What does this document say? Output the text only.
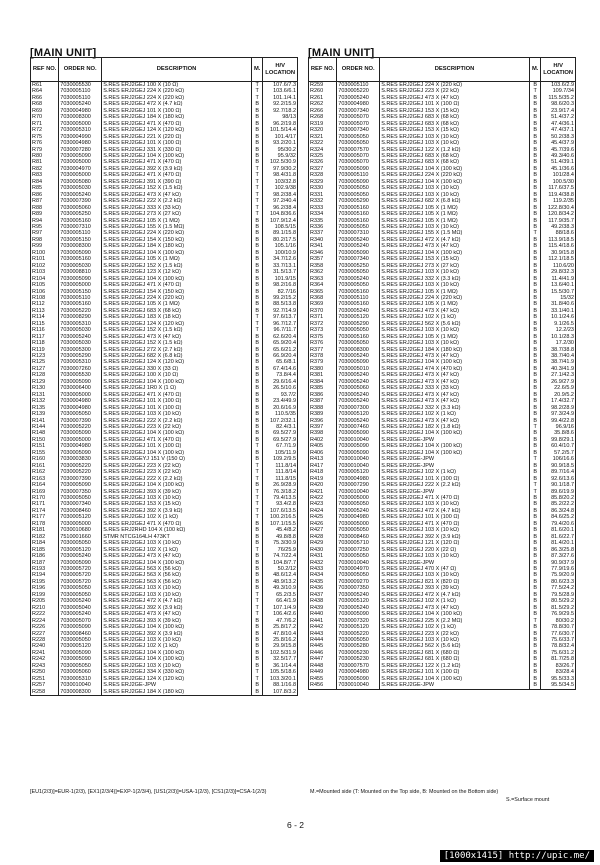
[MAIN UNIT]	[MAIN UNIT]
REF NO.	ORDER NO.	DESCRIPTION	M.	H/V LOCATION
R61	7030005530	S.RES ERJ2GEJ 100 X (10 Ω)	T	107.6/7.3
R64	7030005110	S.RES ERJ2GEJ 224 X (220 kΩ)	T	103.6/6.1
R66	7030005110	S.RES ERJ2GEJ 224 X (220 kΩ)	T	101.1/4.1
R68	7030005240	S.RES ERJ2GEJ 472 X (4.7 kΩ)	B	92.2/15.9
R69	7030004980	S.RES ERJ2GEJ 101 X (100 Ω)	B	92.7/18.2
R70	7030008300	S.RES ERJ2GEJ 184 X (180 kΩ)	B	98/13
R71	7030005000	S.RES ERJ2GEJ 471 X (470 Ω)	B	96.2/19.8
R72	7030005310	S.RES ERJ2GEJ 124 X (120 kΩ)	B	101.5/14.4
R75	7030004990	S.RES ERJ2GEJ 221 X (220 Ω)	B	101.4/17
R76	7030004980	S.RES ERJ2GEJ 101 X (100 Ω)	B	93.2/20.1
R79	7030007280	S.RES ERJ2GEJ 331 X (330 Ω)	B	95/30.2
R80	7030005090	S.RES ERJ2GEJ 104 X (100 kΩ)	B	95.9/32
R81	7030005000	S.RES ERJ2GEJ 471 X (470 Ω)	B	102.5/30.9
R82	7030004970	S.RES ERJ2GEJ 392 X (3.9 kΩ)	T	97.9/30.2
R83	7030005000	S.RES ERJ2GEJ 471 X (470 Ω)	T	98.4/31.8
R84	7030005080	S.RES ERJ2GEJ 391 X (390 Ω)	T	103/32.8
R85	7030005030	S.RES ERJ2GEJ 152 X (1.5 kΩ)	T	102.9/38
R86	7030005240	S.RES ERJ2GEJ 473 X (47 kΩ)	T	98.2/38.4
R87	7030007390	S.RES ERJ2GEJ 222 X (2.2 kΩ)	T	97.2/40.4
R88	7030005060	S.RES ERJ2GEJ 333 X (33 kΩ)	T	96.2/38.4
R89	7030005250	S.RES ERJ2GEJ 273 X (27 kΩ)	T	104.8/36.6
R94	7030005160	S.RES ERJ2GEJ 105 X (1 MΩ)	B	107.9/12.4
R95	7030007310	S.RES ERJ2GEJ 155 X (1.5 MΩ)	B	108.5/15
R97	7030005110	S.RES ERJ2GEJ 224 X (220 kΩ)	B	89.1/15.8
R98	7030005150	S.RES ERJ2GEJ 154 X (150 kΩ)	B	80.2/17.5
R99	7030008300	S.RES ERJ2GEJ 184 X (180 kΩ)	B	105.1/16
R100	7030005090	S.RES ERJ2GEJ 104 X (100 kΩ)	B	100/10.9
R101	7030005160	S.RES ERJ2GEJ 105 X (1 MΩ)	B	34.7/12.6
R102	7030005030	S.RES ERJ2GEJ 152 X (1.5 kΩ)	B	33.7/13.1
R103	7030008810	S.RES ERJ2GEJ 123 X (12 kΩ)	B	31.5/13.7
R104	7030005090	S.RES ERJ2GEJ 104 X (100 kΩ)	B	101.9/15
R105	7030005000	S.RES ERJ2GEJ 471 X (470 Ω)	B	98.2/16.8
R106	7030005150	S.RES ERJ2GEJ 154 X (150 kΩ)	B	82.7/16
R108	7030005110	S.RES ERJ2GEJ 224 X (220 kΩ)	B	99.2/15.2
R112	7030005160	S.RES ERJ2GEJ 105 X (1 MΩ)	B	88.5/13.8
R113	7030005220	S.RES ERJ2GEJ 683 X (68 kΩ)	B	92.7/14.9
R114	7030008290	S.RES ERJ2GEJ 183 X (18 kΩ)	T	97.6/13.7
R115	7030005310	S.RES ERJ2GEJ 124 X (120 kΩ)	T	96.7/12.7
R116	7030005030	S.RES ERJ2GEJ 152 X (1.5 kΩ)	T	96.7/11.7
R117	7030005240	S.RES ERJ2GEJ 473 X (47 kΩ)	B	62.6/20.4
R118	7030005030	S.RES ERJ2GEJ 152 X (1.5 kΩ)	B	65.9/20.4
R119	7030005300	S.RES ERJ2GEJ 272 X (2.7 kΩ)	B	65.6/21.2
R123	7030005290	S.RES ERJ2GEJ 682 X (6.8 kΩ)	B	66.9/20.4
R125	7030005310	S.RES ERJ2GEJ 124 X (120 kΩ)	B	65.6/8.1
R127	7030007260	S.RES ERJ2GEJ 330 X (33 Ω)	B	67.4/14.6
R128	7030005530	S.RES ERJ2GEJ 100 X (10 Ω)	B	73.8/4.4
R129	7030005090	S.RES ERJ2GEJ 104 X (100 kΩ)	B	29.6/16.4
R130	7030006400	S.RES ERJ2GEJ 1R0 X (1 Ω)	B	26.5/10.6
R131	7030005000	S.RES ERJ2GEJ 471 X (470 Ω)	B	93.7/2
R132	7030004980	S.RES ERJ2GEJ 101 X (100 Ω)	B	23.4/49.9
R135	7030004980	S.RES ERJ2GEJ 101 X (100 Ω)	B	20.6/16.9
R139	7030005050	S.RES ERJ2GEJ 103 X (10 kΩ)	B	110.5/35
R141	7030007390	S.RES ERJ2GEJ 222 X (2.2 kΩ)	B	107.2/32.1
R144	7030005220	S.RES ERJ2GEJ 223 X (22 kΩ)	B	82.4/3.1
R148	7030005090	S.RES ERJ2GEJ 104 X (100 kΩ)	B	69.5/27.9
R150	7030005000	S.RES ERJ2GEJ 471 X (470 Ω)	B	69.5/27.9
R151	7030004980	S.RES ERJ2GEJ 101 X (100 Ω)	T	67.7/1.9
R155	7030005090	S.RES ERJ2GEJ 104 X (100 kΩ)	B	105/11.9
R160	7030003830	S.RES ERJ3GEYJ 151 V (150 Ω)	B	109.2/9.5
R161	7030005220	S.RES ERJ2GEJ 223 X (22 kΩ)	T	111.8/14
R162	7030005220	S.RES ERJ2GEJ 223 X (22 kΩ)	T	111.8/14
R163	7030007390	S.RES ERJ2GEJ 222 X (2.2 kΩ)	T	111.8/15
R164	7030005090	S.RES ERJ2GEJ 104 X (100 kΩ)	B	26.9/28.9
R169	7030007350	S.RES ERJ2GEJ 393 X (39 kΩ)	T	76.3/18.2
R170	7030005050	S.RES ERJ2GEJ 103 X (10 kΩ)	T	79.4/13.5
R171	7030007340	S.RES ERJ2GEJ 153 X (15 kΩ)	T	93.4/2.8
R174	7030008460	S.RES ERJ2GEJ 392 X (3.9 kΩ)	T	107.6/13.5
R177	7030005120	S.RES ERJ2GEJ 102 X (1 kΩ)	T	100.2/16.5
R178	7030005000	S.RES ERJ2GEJ 471 X (470 Ω)	B	107.1/15.5
R181	7030010680	S.RES ERJ2RHD 104 X (100 kΩ)	B	45.4/8.2
R182	7510001660	STMR NTCG164LH 473KT	B	49.8/8.8
R184	7030005050	S.RES ERJ2GEJ 103 X (10 kΩ)	B	75.3/30.9
R185	7030005120	S.RES ERJ2GEJ 102 X (1 kΩ)	T	76/25.9
R186	7030005240	S.RES ERJ2GEJ 473 X (47 kΩ)	B	74.7/22.4
R187	7030005090	S.RES ERJ2GEJ 104 X (100 kΩ)	B	104.8/7.7
R193	7030005720	S.RES ERJ2GEJ 563 X (56 kΩ)	B	50.2/12
R194	7030005720	S.RES ERJ2GEJ 563 X (56 kΩ)	B	48.6/12.4
R195	7030005720	S.RES ERJ2GEJ 563 X (56 kΩ)	B	48.9/13.2
R196	7030005050	S.RES ERJ2GEJ 103 X (10 kΩ)	B	49.3/10.9
R199	7030005050	S.RES ERJ2GEJ 103 X (10 kΩ)	T	65.2/3.5
R205	7030005240	S.RES ERJ2GEJ 472 X (4.7 kΩ)	T	66.4/1.9
R210	7030005040	S.RES ERJ2GEJ 392 X (3.9 kΩ)	T	107.1/4.9
R222	7030005240	S.RES ERJ2GEJ 473 X (47 kΩ)	T	106.4/2.6
R224	7030005070	S.RES ERJ2GEJ 393 X (39 kΩ)	B	47.7/6.2
R226	7030005090	S.RES ERJ2GEJ 104 X (100 kΩ)	B	25.8/17.2
R227	7030008460	S.RES ERJ2GEJ 392 X (3.9 kΩ)	B	47.8/10.4
R228	7030005050	S.RES ERJ2GEJ 103 X (10 kΩ)	B	25.8/16.2
R240	7030005120	S.RES ERJ2GEJ 102 X (1 kΩ)	B	29.9/15.8
R241	7030005090	S.RES ERJ2GEJ 104 X (100 kΩ)	B	102.5/31.9
R242	7030005090	S.RES ERJ2GEJ 104 X (100 kΩ)	B	32.5/17.7
R243	7030005050	S.RES ERJ2GEJ 103 X (10 kΩ)	B	36.1/14.4
R250	7030005060	S.RES ERJ2GEJ 334 X (330 kΩ)	T	105.5/18.6
R251	7030005310	S.RES ERJ2GEJ 124 X (120 kΩ)	T	103.3/20.1
R257	7030010040	S.RES ERJ2GE-JPW	B	88.1/16.8
R258	7030008300	S.RES ERJ2GEJ 184 X (180 kΩ)	B	107.8/3.2
REF NO.	ORDER NO.	DESCRIPTION	M.	H/V LOCATION
R259	7030005110	S.RES ERJ2GEJ 224 X (220 kΩ)	B	103.6/2.9
R260	7030005220	S.RES ERJ2GEJ 223 X (22 kΩ)	T	109.7/34
R261	7030005240	S.RES ERJ2GEJ 473 X (47 kΩ)	B	115.5/35.2
R262	7030004980	S.RES ERJ2GEJ 101 X (100 Ω)	B	98.6/20.3
R266	7030007340	S.RES ERJ2GEJ 153 X (15 kΩ)	B	23.9/17.4
R268	7030005070	S.RES ERJ2GEJ 683 X (68 kΩ)	B	51.4/37.2
R319	7030005070	S.RES ERJ2GEJ 683 X (68 kΩ)	B	47.4/36.1
R320	7030007340	S.RES ERJ2GEJ 153 X (15 kΩ)	B	47.4/37.1
R321	7030005050	S.RES ERJ2GEJ 103 X (10 kΩ)	B	50.2/38.3
R322	7030005050	S.RES ERJ2GEJ 103 X (10 kΩ)	B	45.4/37.9
R324	7030007570	S.RES ERJ2GEJ 122 X (1.2 kΩ)	B	45.7/39.6
R325	7030005070	S.RES ERJ2GEJ 683 X (68 kΩ)	B	49.3/40.6
R326	7030005070	S.RES ERJ2GEJ 683 X (68 kΩ)	B	51.4/39.1
R327	7030005090	S.RES ERJ2GEJ 104 X (100 kΩ)	B	45.1/36.6
R328	7030005110	S.RES ERJ2GEJ 224 X (220 kΩ)	B	101/28.4
R329	7030005090	S.RES ERJ2GEJ 104 X (100 kΩ)	B	100.5/30
R330	7030005050	S.RES ERJ2GEJ 103 X (10 kΩ)	B	117.6/37.5
R331	7030005050	S.RES ERJ2GEJ 103 X (10 kΩ)	B	119.4/38.8
R332	7030005290	S.RES ERJ2GEJ 682 X (6.8 kΩ)	B	119.2/35
R333	7030005160	S.RES ERJ2GEJ 105 X (1 MΩ)	B	122.8/30.4
R334	7030005160	S.RES ERJ2GEJ 105 X (1 MΩ)	B	120.8/34.2
R335	7030005160	S.RES ERJ2GEJ 105 X (1 MΩ)	B	117.9/35.7
R336	7030005050	S.RES ERJ2GEJ 103 X (10 kΩ)	B	49.2/38.3
R337	7030007310	S.RES ERJ2GEJ 155 X (1.5 MΩ)	T	88/18.6
R340	7030005240	S.RES ERJ2GEJ 472 X (4.7 kΩ)	B	113.9/18.5
R341	7030005240	S.RES ERJ2GEJ 473 X (47 kΩ)	B	115.4/18.6
R346	7030005090	S.RES ERJ2GEJ 104 X (100 kΩ)	B	30.9/15.8
R357	7030007340	S.RES ERJ2GEJ 153 X (15 kΩ)	B	112.1/18.5
R358	7030005250	S.RES ERJ2GEJ 273 X (27 kΩ)	B	110.6/20
R362	7030005050	S.RES ERJ2GEJ 103 X (10 kΩ)	B	29.8/32.3
R363	7030005240	S.RES ERJ2GEJ 332 X (3.3 kΩ)	B	11.4/41.9
R364	7030005050	S.RES ERJ2GEJ 103 X (10 kΩ)	B	13.6/40.1
R365	7030005160	S.RES ERJ2GEJ 105 X (1 MΩ)	B	15.5/30.7
R368	7030005110	S.RES ERJ2GEJ 224 X (220 kΩ)	B	15/32
R369	7030005160	S.RES ERJ2GEJ 105 X (1 MΩ)	B	31.8/40.6
R370	7030005240	S.RES ERJ2GEJ 473 X (47 kΩ)	B	33.1/40.1
R371	7030005120	S.RES ERJ2GEJ 102 X (1 kΩ)	B	10.1/24.6
R372	7030005290	S.RES ERJ2GEJ 562 X (5.6 kΩ)	B	9.1/26.5
R373	7030005050	S.RES ERJ2GEJ 103 X (10 kΩ)	B	12.2/23
R375	7030005160	S.RES ERJ2GEJ 105 X (1 MΩ)	B	10.1/28.3
R376	7030005050	S.RES ERJ2GEJ 103 X (10 kΩ)	B	17.2/30
R377	7030008300	S.RES ERJ2GEJ 184 X (180 kΩ)	B	38.7/38.8
R378	7030005240	S.RES ERJ2GEJ 473 X (47 kΩ)	B	38.7/40.4
R379	7030005090	S.RES ERJ2GEJ 104 X (100 kΩ)	B	38.7/41.9
R380	7030005010	S.RES ERJ2GEJ 474 X (470 kΩ)	B	40.3/41.9
R381	7030005240	S.RES ERJ2GEJ 473 X (47 kΩ)	B	27.1/42.3
R384	7030005240	S.RES ERJ2GEJ 473 X (47 kΩ)	B	26.9/27.9
R385	7030005060	S.RES ERJ2GEJ 333 X (33 kΩ)	B	22.6/5.9
R386	7030005240	S.RES ERJ2GEJ 473 X (47 kΩ)	B	20.9/5.2
R387	7030005240	S.RES ERJ2GEJ 473 X (47 kΩ)	B	17.4/32.7
R388	7030007300	S.RES ERJ2GEJ 332 X (3.3 kΩ)	B	98.2/28.9
R389	7030005120	S.RES ERJ2GEJ 102 X (1 kΩ)	B	97.3/24.9
R396	7030005240	S.RES ERJ2GEJ 473 X (47 kΩ)	B	99.4/22.8
R397	7030007460	S.RES ERJ2GEJ 182 X (1.8 kΩ)	T	96.9/16
R398	7030005090	S.RES ERJ2GEJ 104 X (100 kΩ)	B	35.8/8.6
R402	7030010040	S.RES ERJ2GE-JPW	B	99.8/29.1
R405	7030005090	S.RES ERJ2GEJ 104 X (100 kΩ)	B	60.4/10.7
R406	7030005090	S.RES ERJ2GEJ 104 X (100 kΩ)	B	57.2/5.7
R413	7030010040	S.RES ERJ2GE-JPW	T	106/16.6
R417	7030010040	S.RES ERJ2GE-JPW	B	90.9/18.5
R418	7030005120	S.RES ERJ2GEJ 102 X (1 kΩ)	B	89.7/16.4
R419	7030004980	S.RES ERJ2GEJ 101 X (100 Ω)	B	92.6/13.6
R420	7030007290	S.RES ERJ2GEJ 222 X (2.2 kΩ)	T	90.1/18.7
R421	7030010040	S.RES ERJ2GE-JPW	T	89.6/19.9
R422	7030005000	S.RES ERJ2GEJ 471 X (470 Ω)	B	85.8/20.2
R423	7030005050	S.RES ERJ2GEJ 103 X (10 kΩ)	B	85.2/22.2
R424	7030005240	S.RES ERJ2GEJ 472 X (4.7 kΩ)	B	86.3/24.8
R425	7030004980	S.RES ERJ2GEJ 101 X (100 Ω)	B	84.6/25.2
R426	7030005000	S.RES ERJ2GEJ 471 X (470 Ω)	B	79.4/20.6
R427	7030005050	S.RES ERJ2GEJ 103 X (10 kΩ)	B	81.6/20.1
R428	7030008460	S.RES ERJ2GEJ 392 X (3.9 kΩ)	B	81.6/22.7
R429	7030005710	S.RES ERJ2GEJ 121 X (120 Ω)	B	81.4/20.1
R430	7030007250	S.RES ERJ2GEJ 220 X (22 Ω)	B	86.3/25.8
R431	7030005050	S.RES ERJ2GEJ 103 X (10 kΩ)	B	87.3/27.6
R432	7030010040	S.RES ERJ2GE-JPW	B	90.9/37.9
R433	7030004970	S.RES ERJ2GEJ 470 X (47 Ω)	B	77.9/19.6
R434	7030005050	S.RES ERJ2GEJ 103 X (10 kΩ)	B	75.9/20.9
R435	7030009270	S.RES ERJ2GEJ 821 X (820 Ω)	B	80.6/23.3
R436	7030007350	S.RES ERJ2GEJ 393 X (39 kΩ)	B	77.5/24.2
R437	7030005240	S.RES ERJ2GEJ 472 X (4.7 kΩ)	B	79.5/28.9
R438	7030005120	S.RES ERJ2GEJ 102 X (1 kΩ)	B	80.5/29.2
R439	7030005240	S.RES ERJ2GEJ 473 X (47 kΩ)	B	81.5/29.2
R440	7030005090	S.RES ERJ2GEJ 104 X (100 kΩ)	B	76.9/29.5
R441	7030007320	S.RES ERJ2GEJ 225 X (2.2 MΩ)	T	80/30.2
R442	7030005120	S.RES ERJ2GEJ 102 X (1 kΩ)	B	78.8/30.7
R443	7030005220	S.RES ERJ2GEJ 223 X (22 kΩ)	B	77.6/30.7
R444	7030005050	S.RES ERJ2GEJ 103 X (10 kΩ)	B	75.6/33.7
R445	7030005280	S.RES ERJ2GEJ 562 X (5.6 kΩ)	B	78.8/32.4
R446	7030005230	S.RES ERJ2GEJ 681 X (680 Ω)	B	75.6/31.2
R447	7030005230	S.RES ERJ2GEJ 681 X (680 Ω)	B	81.7/25.8
R448	7030007570	S.RES ERJ2GEJ 122 X (1.2 kΩ)	B	83/26.7
R449	7030004980	S.RES ERJ2GEJ 101 X (100 Ω)	B	83/28.4
R455	7030005090	S.RES ERJ2GEJ 104 X (100 kΩ)	B	95.5/33.3
R456	7030010040	S.RES ERJ2GE-JPW	B	95.5/34.5
[EU1(2/3)]=EUR-1(2/3), [EX1(2/3/4)]=EXP-1(2/3/4), [US1(2/3)]=USA-1(2/3), [CS1(2/3)]=CSA-1(2/3)	M.=Mounted side (T: Mounted on the Top side, B: Mounted on the Bottom side)
S.=Surface mount
6 - 2
[1000x1415] http://upic.me/
